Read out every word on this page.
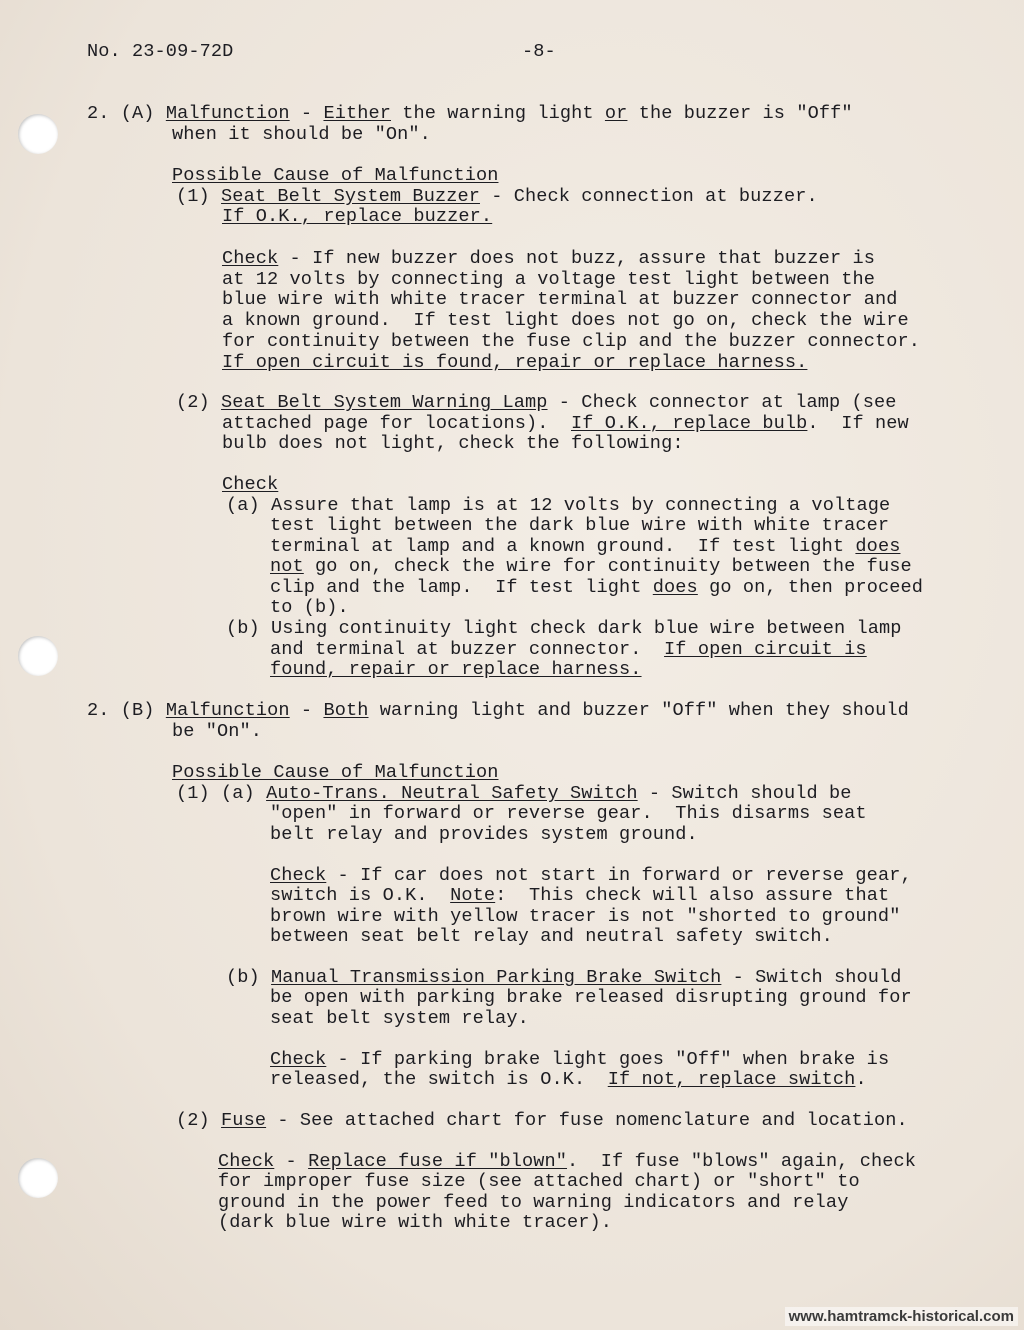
No. 23-09-72D	-8-
2. (A) Malfunction - Either the warning light or the buzzer is "Off"
when it should be "On".
Possible Cause of Malfunction
(1) Seat Belt System Buzzer - Check connection at buzzer.
If O.K., replace buzzer.
Check - If new buzzer does not buzz, assure that buzzer is
at 12 volts by connecting a voltage test light between the
blue wire with white tracer terminal at buzzer connector and
a known ground.  If test light does not go on, check the wire
for continuity between the fuse clip and the buzzer connector.
If open circuit is found, repair or replace harness.
(2) Seat Belt System Warning Lamp - Check connector at lamp (see
attached page for locations).  If O.K., replace bulb.  If new
bulb does not light, check the following:
Check
(a) Assure that lamp is at 12 volts by connecting a voltage
test light between the dark blue wire with white tracer
terminal at lamp and a known ground.  If test light does
not go on, check the wire for continuity between the fuse
clip and the lamp.  If test light does go on, then proceed
to (b).
(b) Using continuity light check dark blue wire between lamp
and terminal at buzzer connector.  If open circuit is
found, repair or replace harness.
2. (B) Malfunction - Both warning light and buzzer "Off" when they should
be "On".
Possible Cause of Malfunction
(1) (a) Auto-Trans. Neutral Safety Switch - Switch should be
"open" in forward or reverse gear.  This disarms seat
belt relay and provides system ground.
Check - If car does not start in forward or reverse gear,
switch is O.K.  Note:  This check will also assure that
brown wire with yellow tracer is not "shorted to ground"
between seat belt relay and neutral safety switch.
(b) Manual Transmission Parking Brake Switch - Switch should
be open with parking brake released disrupting ground for
seat belt system relay.
Check - If parking brake light goes "Off" when brake is
released, the switch is O.K.  If not, replace switch.
(2) Fuse - See attached chart for fuse nomenclature and location.
Check - Replace fuse if "blown".  If fuse "blows" again, check
for improper fuse size (see attached chart) or "short" to
ground in the power feed to warning indicators and relay
(dark blue wire with white tracer).
www.hamtramck-historical.com
